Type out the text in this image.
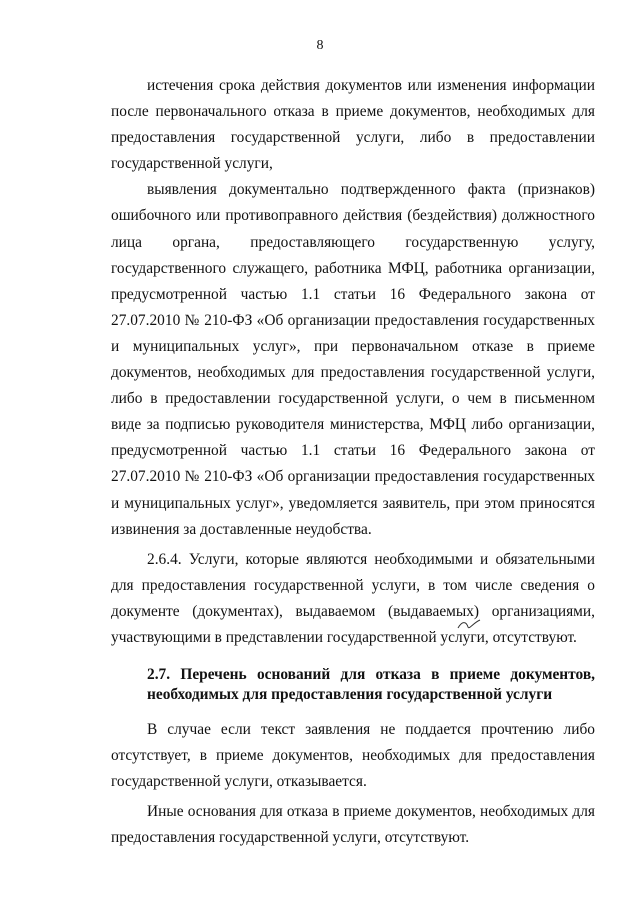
8

истечения срока действия документов или изменения информации после первоначального отказа в приеме документов, необходимых для предоставления государственной услуги, либо в предоставлении государственной услуги,

выявления документально подтвержденного факта (признаков) ошибочного или противоправного действия (бездействия) должностного лица органа, предоставляющего государственную услугу, государственного служащего, работника МФЦ, работника организации, предусмотренной частью 1.1 статьи 16 Федерального закона от 27.07.2010 № 210-ФЗ «Об организации предоставления государственных и муниципальных услуг», при первоначальном отказе в приеме документов, необходимых для предоставления государственной услуги, либо в предоставлении государственной услуги, о чем в письменном виде за подписью руководителя министерства, МФЦ либо организации, предусмотренной частью 1.1 статьи 16 Федерального закона от 27.07.2010 № 210-ФЗ «Об организации предоставления государственных и муниципальных услуг», уведомляется заявитель, при этом приносятся извинения за доставленные неудобства.

2.6.4. Услуги, которые являются необходимыми и обязательными для предоставления государственной услуги, в том числе сведения о документе (документах), выдаваемом (выдаваемых) организациями, участвующими в представлении государственной услуги, отсутствуют.

2.7. Перечень оснований для отказа в приеме документов, необходимых для предоставления государственной услуги

В случае если текст заявления не поддается прочтению либо отсутствует, в приеме документов, необходимых для предоставления государственной услуги, отказывается.

Иные основания для отказа в приеме документов, необходимых для предоставления государственной услуги, отсутствуют.
